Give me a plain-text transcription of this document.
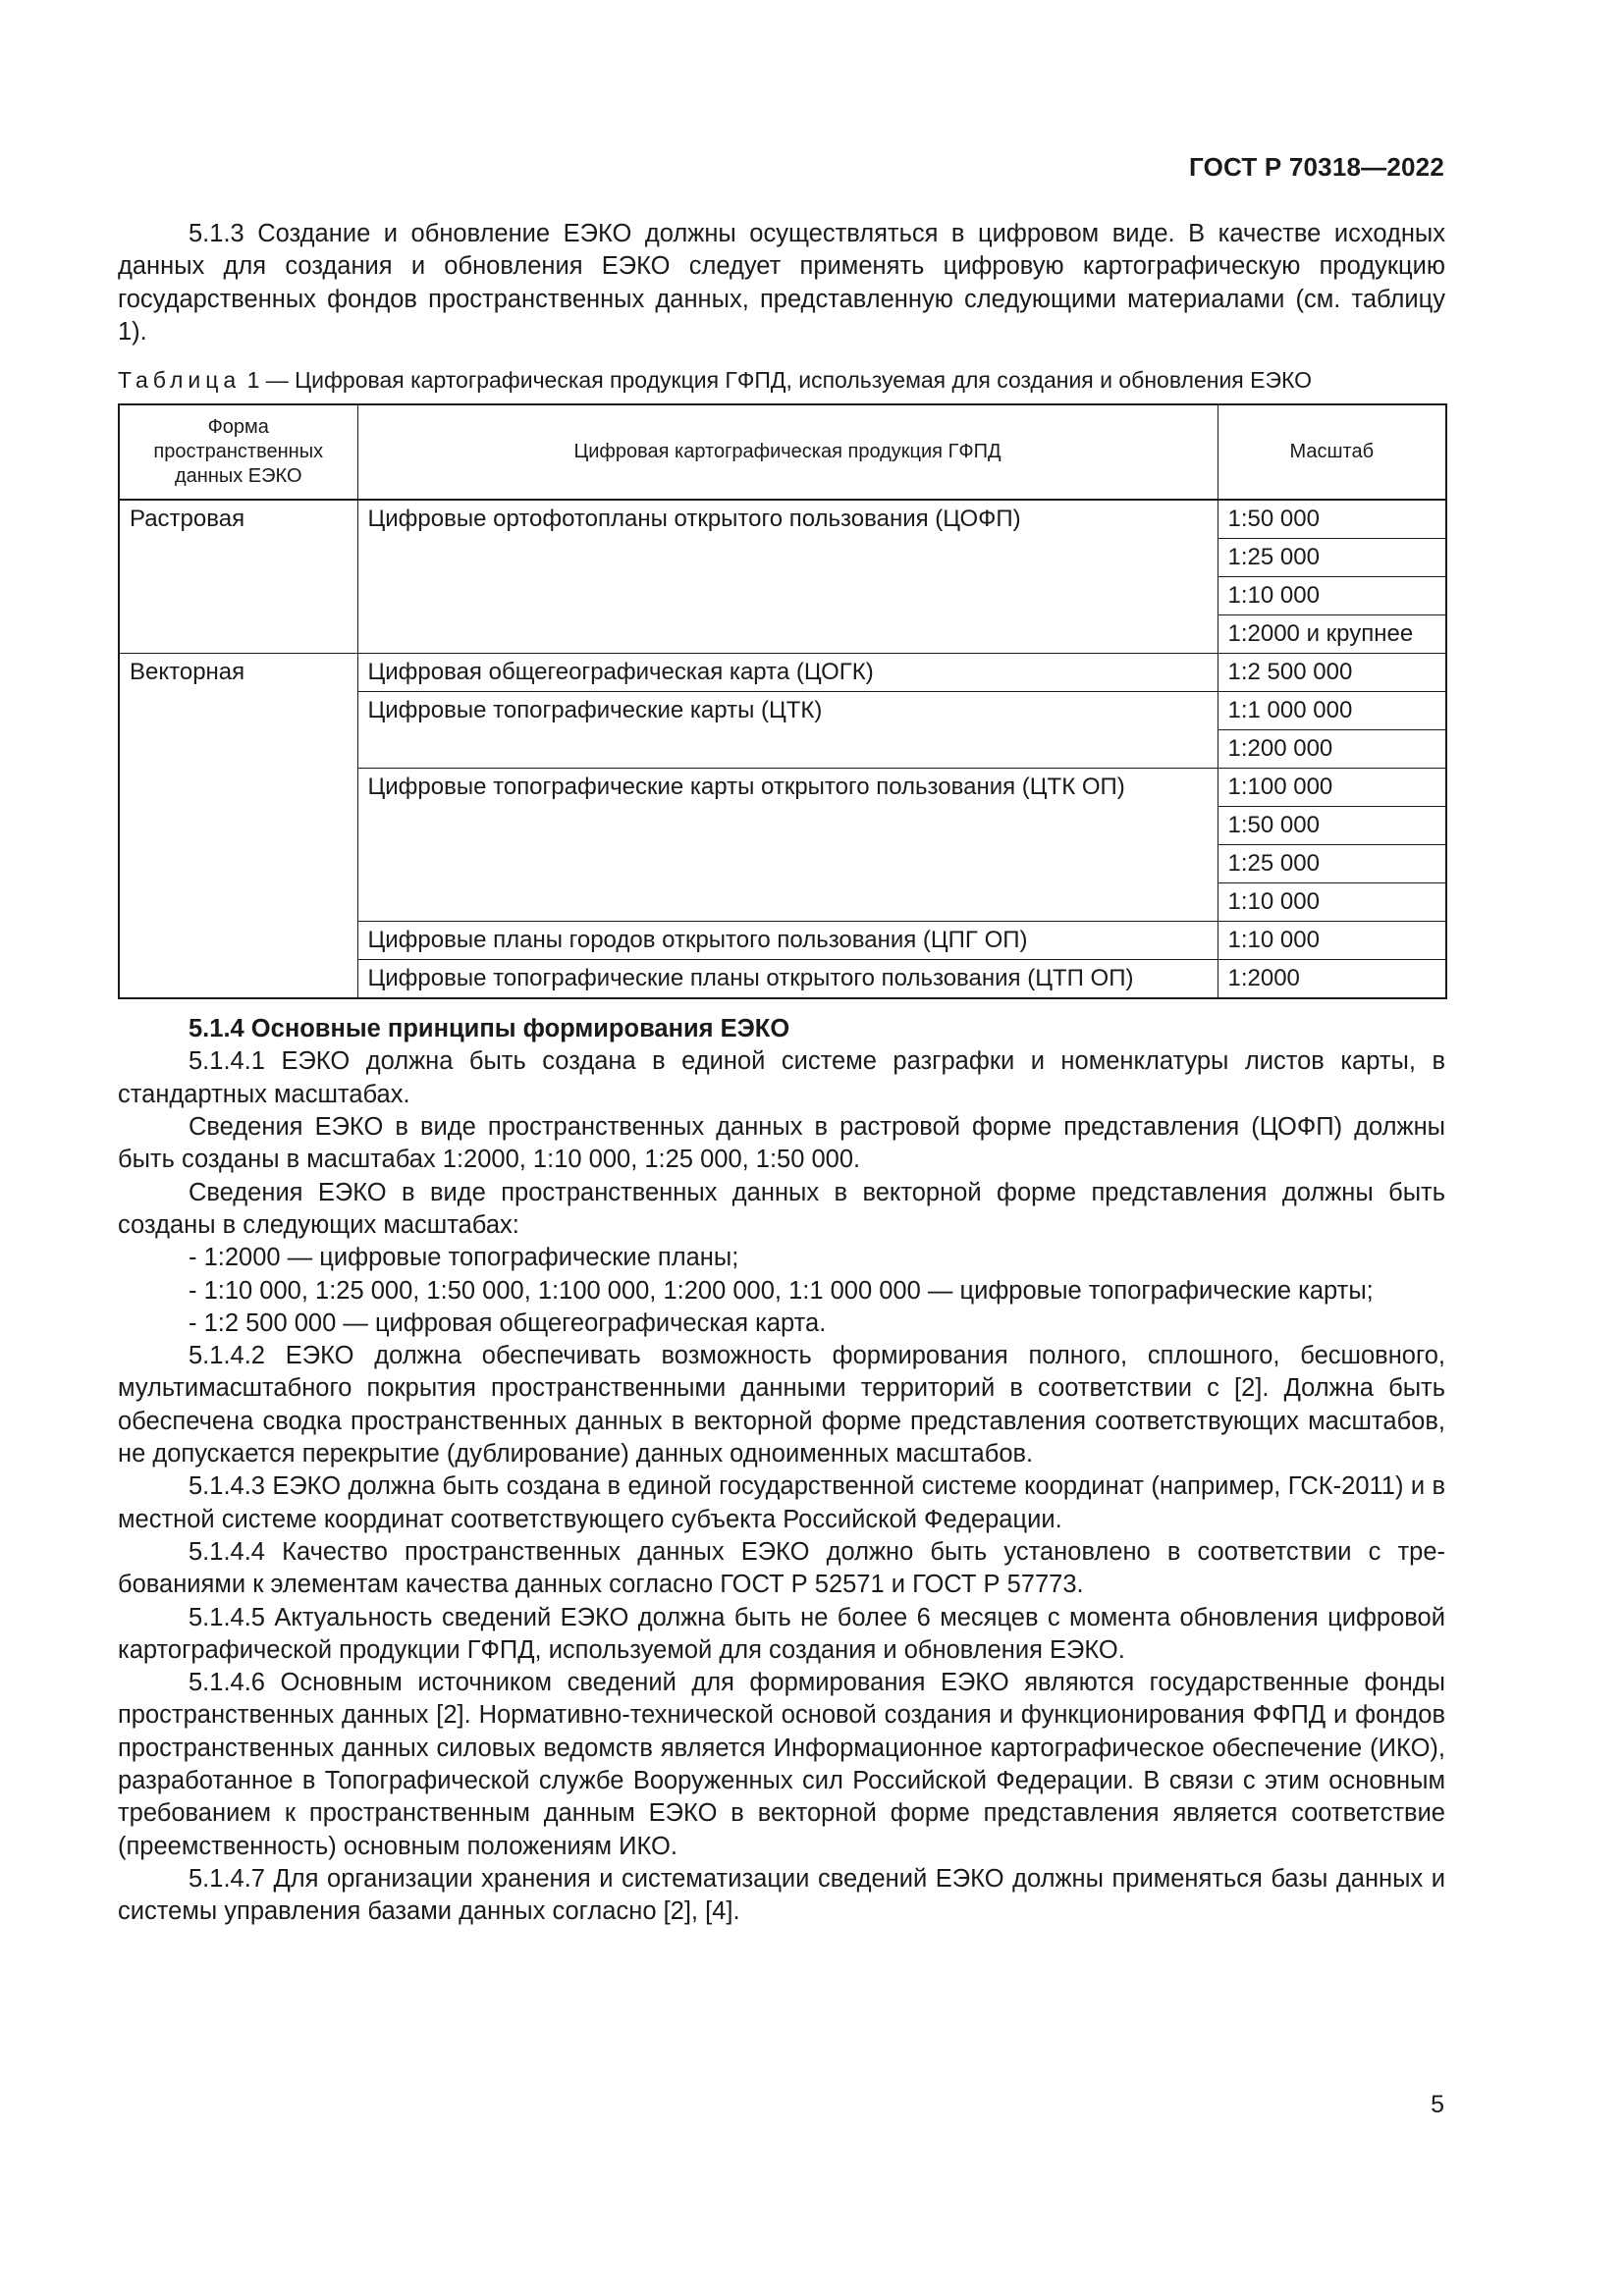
ГОСТ Р 70318—2022

5.1.3 Создание и обновление ЕЭКО должны осуществляться в цифровом виде. В качестве исходных данных для создания и обновления ЕЭКО следует применять цифровую картографическую продукцию государственных фондов пространственных данных, представленную следующими материалами (см. таблицу 1).

Таблица 1 — Цифровая картографическая продукция ГФПД, используемая для создания и обновления ЕЭКО
Форма пространственных данных ЕЭКО	Цифровая картографическая продукция ГФПД	Масштаб
Растровая	Цифровые ортофотопланы открытого пользования (ЦОФП)	1:50 000
		1:25 000
		1:10 000
		1:2000 и крупнее
Векторная	Цифровая общегеографическая карта (ЦОГК)	1:2 500 000
	Цифровые топографические карты (ЦТК)	1:1 000 000
		1:200 000
	Цифровые топографические карты открытого пользования (ЦТК ОП)	1:100 000
		1:50 000
		1:25 000
		1:10 000
	Цифровые планы городов открытого пользования (ЦПГ ОП)	1:10 000
	Цифровые топографические планы открытого пользования (ЦТП ОП)	1:2000

5.1.4 Основные принципы формирования ЕЭКО

5.1.4.1 ЕЭКО должна быть создана в единой системе разграфки и номенклатуры листов карты, в стандартных масштабах.

Сведения ЕЭКО в виде пространственных данных в растровой форме представления (ЦОФП) должны быть созданы в масштабах 1:2000, 1:10 000, 1:25 000, 1:50 000.

Сведения ЕЭКО в виде пространственных данных в векторной форме представления должны быть созданы в следующих масштабах:

- 1:2000 — цифровые топографические планы;

- 1:10 000, 1:25 000, 1:50 000, 1:100 000, 1:200 000, 1:1 000 000 — цифровые топографические карты;

- 1:2 500 000 — цифровая общегеографическая карта.

5.1.4.2 ЕЭКО должна обеспечивать возможность формирования полного, сплошного, бесшовного, мультимасштабного покрытия пространственными данными территорий в соответствии с [2]. Должна быть обеспечена сводка пространственных данных в векторной форме представления соответствующих масштабов, не допускается перекрытие (дублирование) данных одноименных масштабов.

5.1.4.3 ЕЭКО должна быть создана в единой государственной системе координат (например, ГСК-2011) и в местной системе координат соответствующего субъекта Российской Федерации.

5.1.4.4 Качество пространственных данных ЕЭКО должно быть установлено в соответствии с требованиями к элементам качества данных согласно ГОСТ Р 52571 и ГОСТ Р 57773.

5.1.4.5 Актуальность сведений ЕЭКО должна быть не более 6 месяцев с момента обновления цифровой картографической продукции ГФПД, используемой для создания и обновления ЕЭКО.

5.1.4.6 Основным источником сведений для формирования ЕЭКО являются государственные фонды пространственных данных [2]. Нормативно-технической основой создания и функционирования ФФПД и фондов пространственных данных силовых ведомств является Информационное картографическое обеспечение (ИКО), разработанное в Топографической службе Вооруженных сил Российской Федерации. В связи с этим основным требованием к пространственным данным ЕЭКО в векторной форме представления является соответствие (преемственность) основным положениям ИКО.

5.1.4.7 Для организации хранения и систематизации сведений ЕЭКО должны применяться базы данных и системы управления базами данных согласно [2], [4].

5
